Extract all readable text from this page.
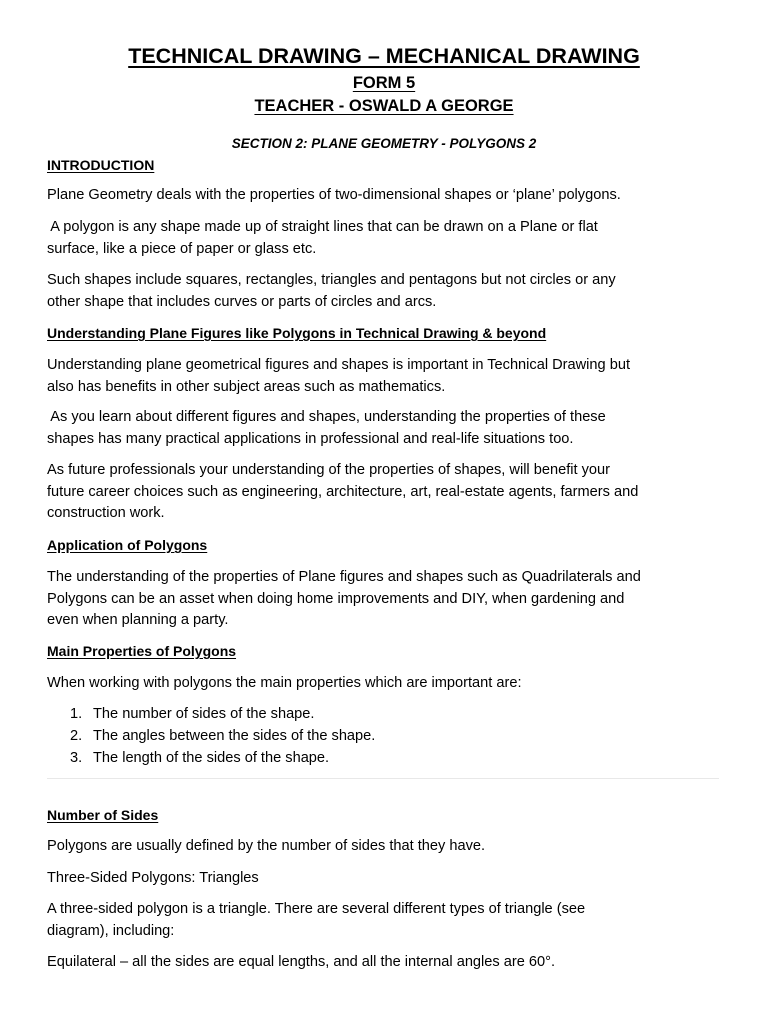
TECHNICAL DRAWING – MECHANICAL DRAWING
FORM 5
TEACHER - OSWALD A GEORGE
SECTION 2: PLANE GEOMETRY - POLYGONS 2
INTRODUCTION
Plane Geometry deals with the properties of two-dimensional shapes or ‘plane’ polygons.
A polygon is any shape made up of straight lines that can be drawn on a Plane or flat
surface, like a piece of paper or glass etc.
Such shapes include squares, rectangles, triangles and pentagons but not circles or any
other shape that includes curves or parts of circles and arcs.
Understanding Plane Figures like Polygons in Technical Drawing & beyond
Understanding plane geometrical figures and shapes is important in Technical Drawing but
also has benefits in other subject areas such as mathematics.
As you learn about different figures and shapes, understanding the properties of these
shapes has many practical applications in professional and real-life situations too.
As future professionals your understanding of the properties of shapes, will benefit your
future career choices such as engineering, architecture, art, real-estate agents, farmers and
construction work.
Application of Polygons
The understanding of the properties of Plane figures and shapes such as Quadrilaterals and
Polygons can be an asset when doing home improvements and DIY, when gardening and
even when planning a party.
Main Properties of Polygons
When working with polygons the main properties which are important are:
1. The number of sides of the shape.
2. The angles between the sides of the shape.
3. The length of the sides of the shape.
Number of Sides
Polygons are usually defined by the number of sides that they have.
Three-Sided Polygons: Triangles
A three-sided polygon is a triangle. There are several different types of triangle (see
diagram), including:
Equilateral – all the sides are equal lengths, and all the internal angles are 60°.
